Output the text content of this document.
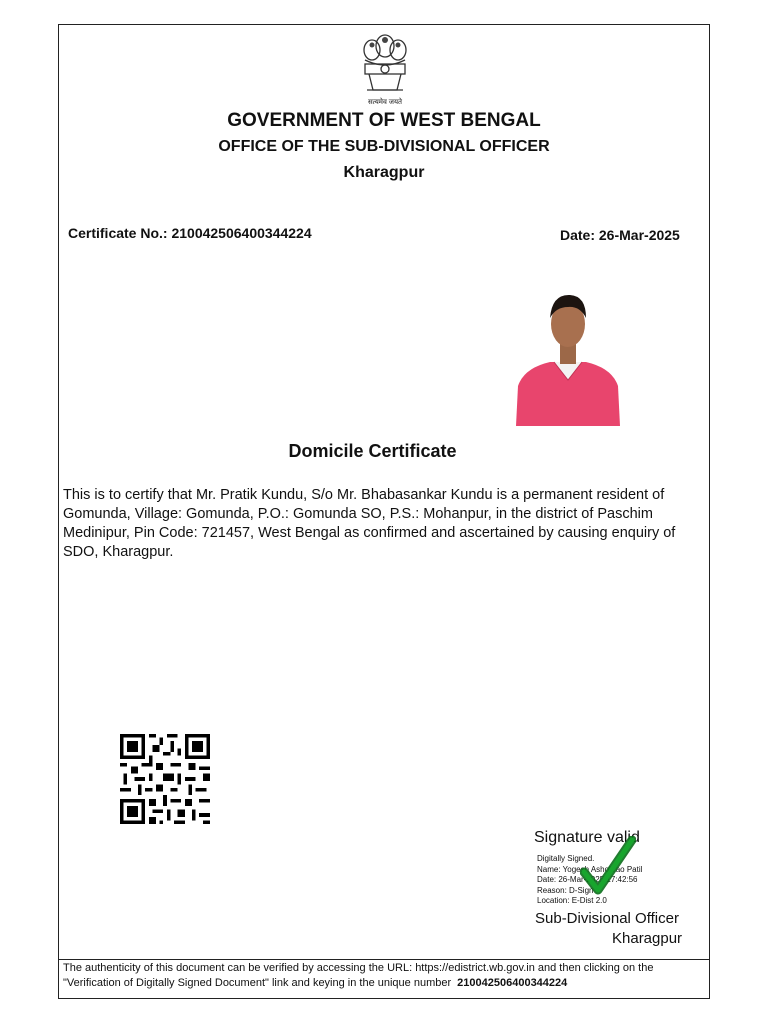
सत्यमेव जयते
GOVERNMENT OF WEST BENGAL
OFFICE OF THE SUB-DIVISIONAL OFFICER
Kharagpur
Certificate No.: 210042506400344224	Date: 26-Mar-2025
Domicile Certificate

This is to certify that Mr. Pratik Kundu, S/o Mr. Bhabasankar Kundu is a permanent resident of Gomunda, Village: Gomunda, P.O.: Gomunda SO, P.S.: Mohanpur, in the district of Paschim Medinipur, Pin Code: 721457, West Bengal as confirmed and ascertained by causing enquiry of SDO, Kharagpur.

Signature valid
Digitally Signed.
Name: Yogesh Ashokrao Patil
Date: 26-Mar-2025 17:42:56
Reason: D-Sign
Location: E-Dist 2.0
Sub-Divisional Officer
Kharagpur
The authenticity of this document can be verified by accessing the URL: https://edistrict.wb.gov.in and then clicking on the
"Verification of Digitally Signed Document" link and keying in the unique number 210042506400344224
